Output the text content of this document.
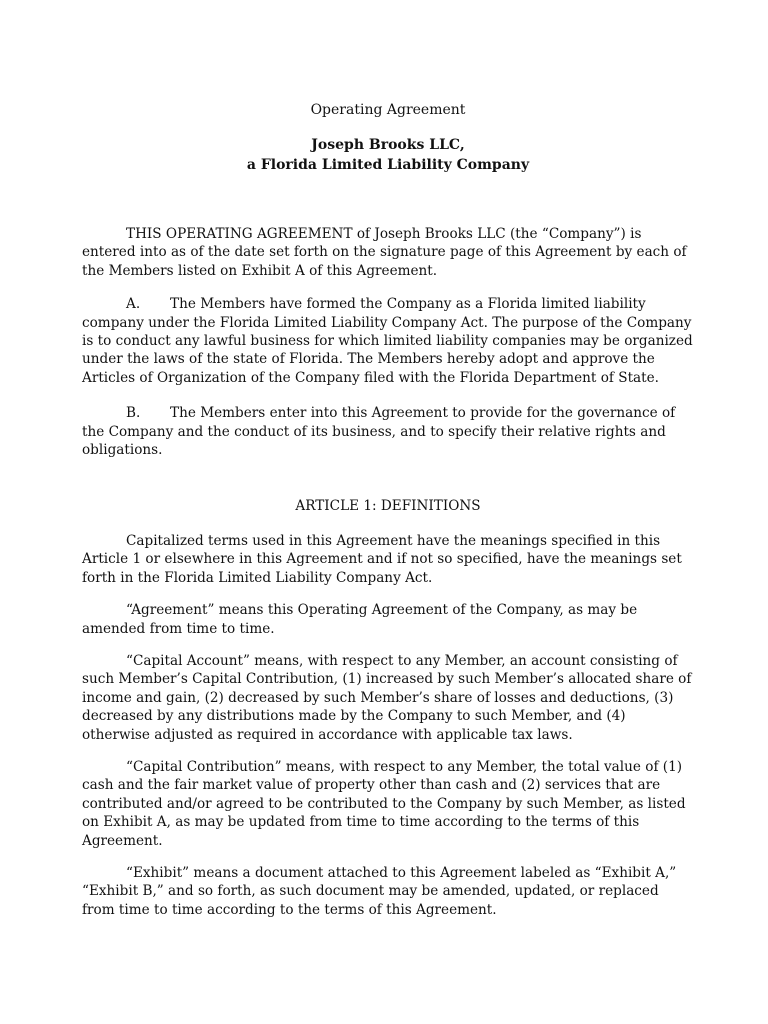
Operating Agreement

Joseph Brooks LLC,

a Florida Limited Liability Company

THIS OPERATING AGREEMENT of Joseph Brooks LLC (the “Company”) is entered into as of the date set forth on the signature page of this Agreement by each of the Members listed on Exhibit A of this Agreement.

A. The Members have formed the Company as a Florida limited liability company under the Florida Limited Liability Company Act. The purpose of the Company is to conduct any lawful business for which limited liability companies may be organized under the laws of the state of Florida. The Members hereby adopt and approve the Articles of Organization of the Company filed with the Florida Department of State.

B. The Members enter into this Agreement to provide for the governance of the Company and the conduct of its business, and to specify their relative rights and obligations.

ARTICLE 1: DEFINITIONS

Capitalized terms used in this Agreement have the meanings specified in this Article 1 or elsewhere in this Agreement and if not so specified, have the meanings set forth in the Florida Limited Liability Company Act.

“Agreement” means this Operating Agreement of the Company, as may be amended from time to time.

“Capital Account” means, with respect to any Member, an account consisting of such Member’s Capital Contribution, (1) increased by such Member’s allocated share of income and gain, (2) decreased by such Member’s share of losses and deductions, (3) decreased by any distributions made by the Company to such Member, and (4) otherwise adjusted as required in accordance with applicable tax laws.

“Capital Contribution” means, with respect to any Member, the total value of (1) cash and the fair market value of property other than cash and (2) services that are contributed and/or agreed to be contributed to the Company by such Member, as listed on Exhibit A, as may be updated from time to time according to the terms of this Agreement.

“Exhibit” means a document attached to this Agreement labeled as “Exhibit A,” “Exhibit B,” and so forth, as such document may be amended, updated, or replaced from time to time according to the terms of this Agreement.
